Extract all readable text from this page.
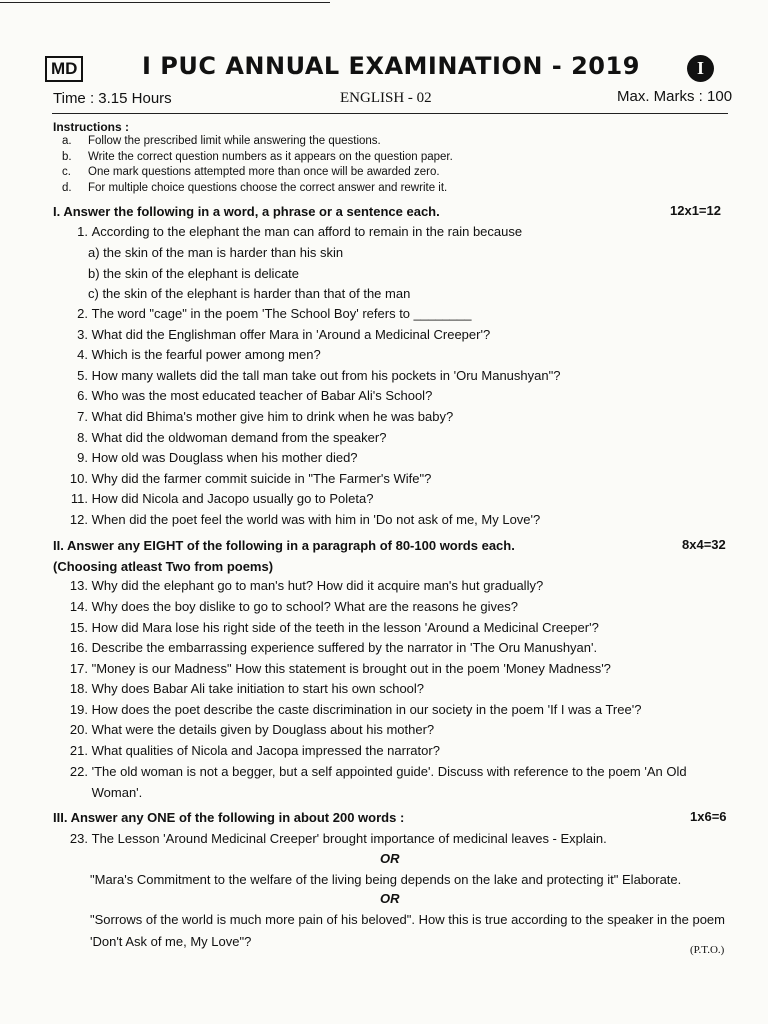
MD	I PUC ANNUAL EXAMINATION - 2019	I
Time : 3.15 Hours	ENGLISH - 02	Max. Marks : 100
Instructions :
a.	Follow the prescribed limit while answering the questions.
b.	Write the correct question numbers as it appears on the question paper.
c.	One mark questions attempted more than once will be awarded zero.
d.	For multiple choice questions choose the correct answer and rewrite it.
I. Answer the following in a word, a phrase or a sentence each.	12x1=12
1. According to the elephant the man can afford to remain in the rain because
a) the skin of the man is harder than his skin
b) the skin of the elephant is delicate
c) the skin of the elephant is harder than that of the man
2. The word "cage" in the poem 'The School Boy' refers to ________
3. What did the Englishman offer Mara in 'Around a Medicinal Creeper'?
4. Which is the fearful power among men?
5. How many wallets did the tall man take out from his pockets in 'Oru Manushyan"?
6. Who was the most educated teacher of Babar Ali's School?
7. What did Bhima's mother give him to drink when he was baby?
8. What did the oldwoman demand from the speaker?
9. How old was Douglass when his mother died?
10. Why did the farmer commit suicide in "The Farmer's Wife"?
11. How did Nicola and Jacopo usually go to Poleta?
12. When did the poet feel the world was with him in 'Do not ask of me, My Love'?
II. Answer any EIGHT of the following in a paragraph of 80-100 words each.	8x4=32
(Choosing atleast Two from poems)
13. Why did the elephant go to man's hut? How did it acquire man's hut gradually?
14. Why does the boy dislike to go to school? What are the reasons he gives?
15. How did Mara lose his right side of the teeth in the lesson 'Around a Medicinal Creeper'?
16. Describe the embarrassing experience suffered by the narrator in 'The Oru Manushyan'.
17. "Money is our Madness" How this statement is brought out in the poem 'Money Madness'?
18. Why does Babar Ali take initiation to start his own school?
19. How does the poet describe the caste discrimination in our society in the poem 'If I was a Tree'?
20. What were the details given by Douglass about his mother?
21. What qualities of Nicola and Jacopa impressed the narrator?
22. 'The old woman is not a begger, but a self appointed guide'. Discuss with reference to the poem 'An Old Woman'.
III. Answer any ONE of the following in about 200 words :	1x6=6
23. The Lesson 'Around Medicinal Creeper' brought importance of medicinal leaves - Explain.
OR
"Mara's Commitment to the welfare of the living being depends on the lake and protecting it" Elaborate.
OR
"Sorrows of the world is much more pain of his beloved". How this is true according to the speaker in the poem 'Don't Ask of me, My Love"?
(P.T.O.)
